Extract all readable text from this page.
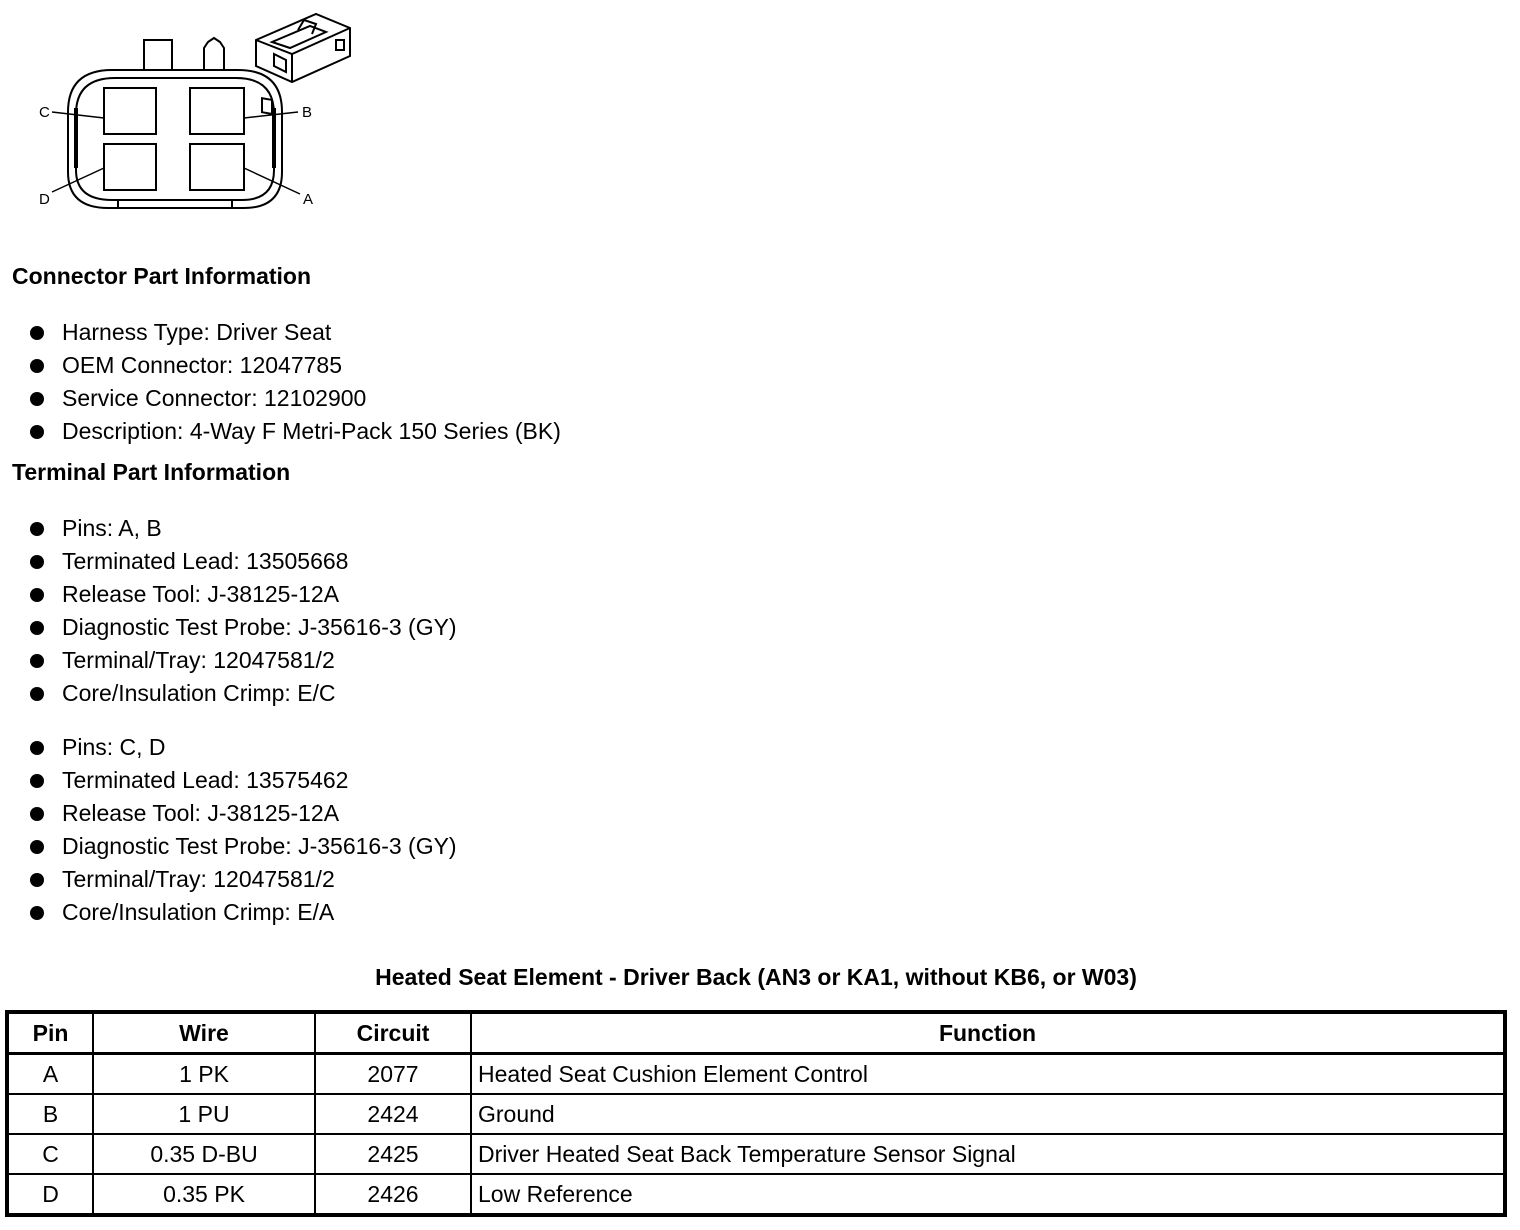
C	B
D	A
Connector Part Information
Harness Type: Driver Seat
OEM Connector: 12047785
Service Connector: 12102900
Description: 4-Way F Metri-Pack 150 Series (BK)
Terminal Part Information
Pins: A, B
Terminated Lead: 13505668
Release Tool: J-38125-12A
Diagnostic Test Probe: J-35616-3 (GY)
Terminal/Tray: 12047581/2
Core/Insulation Crimp: E/C
Pins: C, D
Terminated Lead: 13575462
Release Tool: J-38125-12A
Diagnostic Test Probe: J-35616-3 (GY)
Terminal/Tray: 12047581/2
Core/Insulation Crimp: E/A
Heated Seat Element - Driver Back (AN3 or KA1, without KB6, or W03)
Pin	Wire	Circuit	Function
A	1 PK	2077	Heated Seat Cushion Element Control
B	1 PU	2424	Ground
C	0.35 D-BU	2425	Driver Heated Seat Back Temperature Sensor Signal
D	0.35 PK	2426	Low Reference
